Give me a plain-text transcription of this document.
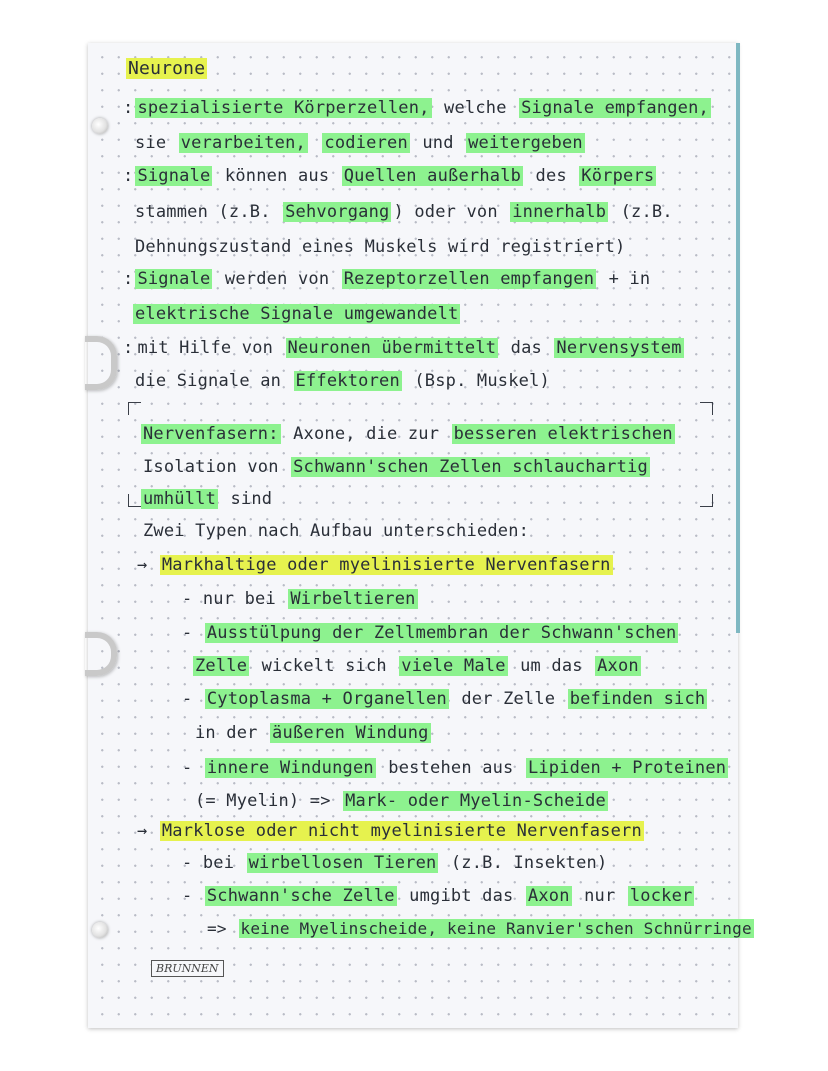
Neurone
: spezialisierte Körperzellen, welche Signale empfangen,
sie verarbeiten, codieren und weitergeben
: Signale können aus Quellen außerhalb des Körpers
stammen (z.B. Sehvorgang ) oder von innerhalb (z.B.
Dehnungszustand eines Muskels wird registriert)
: Signale werden von Rezeptorzellen empfangen + in
elektrische Signale umgewandelt
: mit Hilfe von Neuronen übermittelt das Nervensystem
die Signale an Effektoren (Bsp. Muskel)
Nervenfasern: Axone, die zur besseren elektrischen
Isolation von Schwann'schen Zellen schlauchartig
umhüllt sind
Zwei Typen nach Aufbau unterschieden:
→ Markhaltige oder myelinisierte Nervenfasern
- nur bei Wirbeltieren
- Ausstülpung der Zellmembran der Schwann'schen
Zelle wickelt sich viele Male um das Axon
- Cytoplasma + Organellen der Zelle befinden sich
in der äußeren Windung
- innere Windungen bestehen aus Lipiden + Proteinen
(= Myelin) => Mark- oder Myelin-Scheide
→ Marklose oder nicht myelinisierte Nervenfasern
- bei wirbellosen Tieren (z.B. Insekten)
- Schwann'sche Zelle umgibt das Axon nur locker
=> keine Myelinscheide, keine Ranvier'schen Schnürringe
BRUNNEN
